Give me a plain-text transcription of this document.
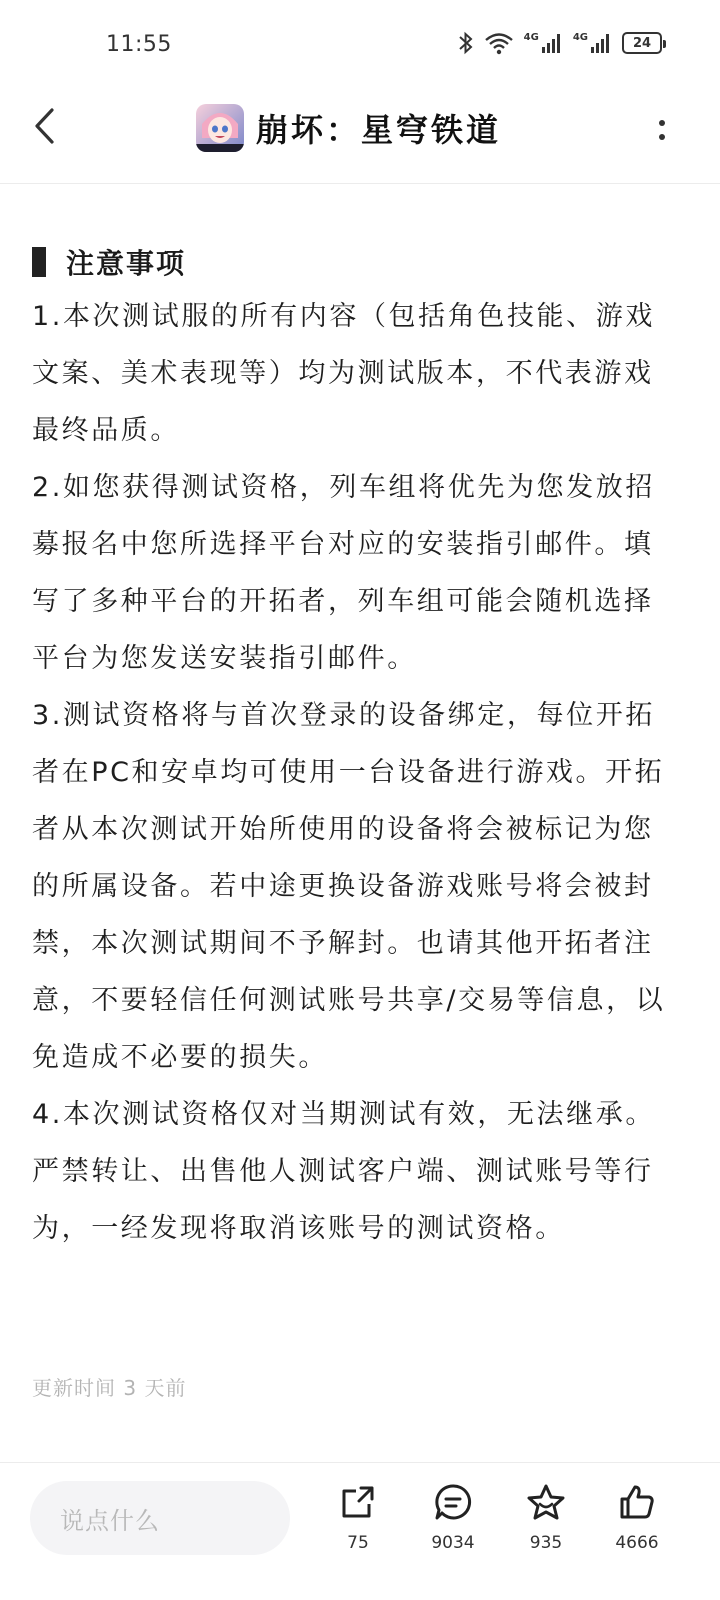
11:55	4G	4G	24
崩坏：星穹铁道
注意事项

1.本次测试服的所有内容（包括角色技能、游戏文案、美术表现等）均为测试版本，不代表游戏最终品质。

2.如您获得测试资格，列车组将优先为您发放招募报名中您所选择平台对应的安装指引邮件。填写了多种平台的开拓者，列车组可能会随机选择平台为您发送安装指引邮件。

3.测试资格将与首次登录的设备绑定，每位开拓者在PC和安卓均可使用一台设备进行游戏。开拓者从本次测试开始所使用的设备将会被标记为您的所属设备。若中途更换设备游戏账号将会被封禁，本次测试期间不予解封。也请其他开拓者注意，不要轻信任何测试账号共享/交易等信息，以免造成不必要的损失。

4.本次测试资格仅对当期测试有效，无法继承。严禁转让、出售他人测试客户端、测试账号等行为，一经发现将取消该账号的测试资格。

更新时间 3 天前
说点什么
75	9034	935	4666
